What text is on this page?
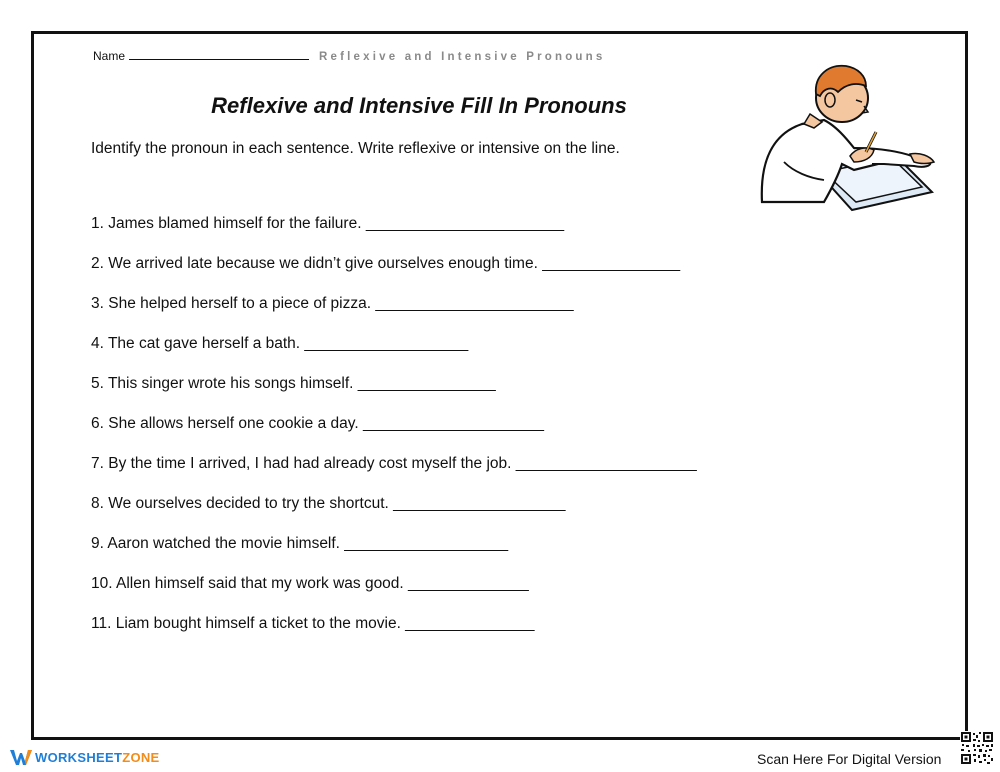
Name	Reflexive and Intensive Pronouns
Reflexive and Intensive Fill In Pronouns
Identify the pronoun in each sentence. Write reflexive or intensive on the line.
1. James blamed himself for the failure. _______________________
2. We arrived late because we didn’t give ourselves enough time. ________________
3. She helped herself to a piece of pizza. _______________________
4. The cat gave herself a bath. ___________________
5. This singer wrote his songs himself. ________________
6. She allows herself one cookie a day. _____________________
7. By the time I arrived, I had had already cost myself the job. _____________________
8. We ourselves decided to try the shortcut. ____________________
9. Aaron watched the movie himself. ___________________
10. Allen himself said that my work was good. ______________
11. Liam bought himself a ticket to the movie. _______________
WORKSHEET ZONE	Scan Here For Digital Version
